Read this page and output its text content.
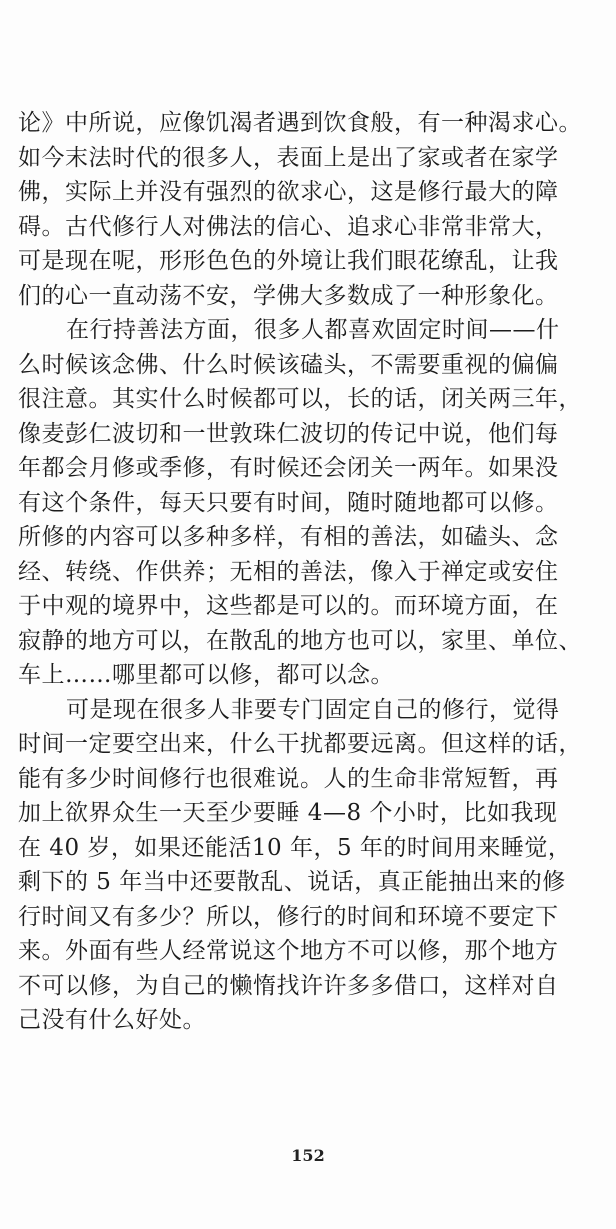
论》中所说，应像饥渴者遇到饮食般，有一种渴求心。
如今末法时代的很多人，表面上是出了家或者在家学
佛，实际上并没有强烈的欲求心，这是修行最大的障
碍。古代修行人对佛法的信心、追求心非常非常大，
可是现在呢，形形色色的外境让我们眼花缭乱，让我
们的心一直动荡不安，学佛大多数成了一种形象化。
在行持善法方面，很多人都喜欢固定时间——什
么时候该念佛、什么时候该磕头，不需要重视的偏偏
很注意。其实什么时候都可以，长的话，闭关两三年，
像麦彭仁波切和一世敦珠仁波切的传记中说，他们每
年都会月修或季修，有时候还会闭关一两年。如果没
有这个条件，每天只要有时间，随时随地都可以修。
所修的内容可以多种多样，有相的善法，如磕头、念
经、转绕、作供养；无相的善法，像入于禅定或安住
于中观的境界中，这些都是可以的。而环境方面，在
寂静的地方可以，在散乱的地方也可以，家里、单位、
车上……哪里都可以修，都可以念。
可是现在很多人非要专门固定自己的修行，觉得
时间一定要空出来，什么干扰都要远离。但这样的话，
能有多少时间修行也很难说。人的生命非常短暂，再
加上欲界众生一天至少要睡 4—8 个小时，比如我现
在 40 岁，如果还能活10 年，5 年的时间用来睡觉，
剩下的 5 年当中还要散乱、说话，真正能抽出来的修
行时间又有多少？所以，修行的时间和环境不要定下
来。外面有些人经常说这个地方不可以修，那个地方
不可以修，为自己的懒惰找许许多多借口，这样对自
己没有什么好处。
152
